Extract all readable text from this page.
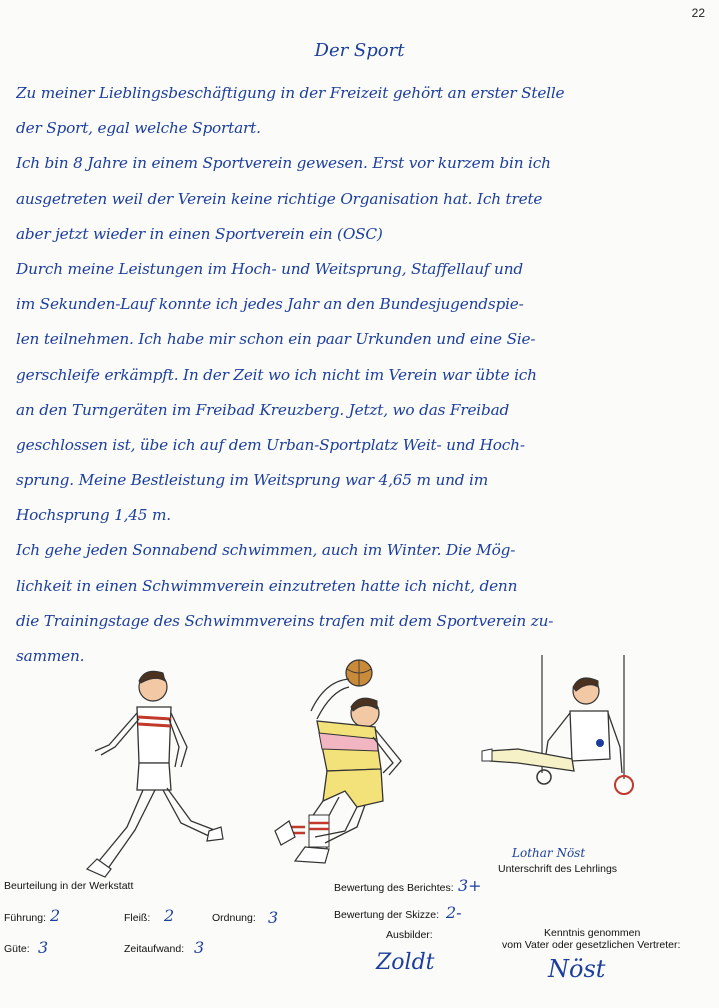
22
Der Sport
Zu meiner Lieblingsbeschäftigung in der Freizeit gehört an erster Stelle
der Sport, egal welche Sportart.
Ich bin 8 Jahre in einem Sportverein gewesen. Erst vor kurzem bin ich
ausgetreten weil der Verein keine richtige Organisation hat. Ich trete
aber jetzt wieder in einen Sportverein ein (OSC)
Durch meine Leistungen im Hoch- und Weitsprung, Staffellauf und
im Sekunden-Lauf konnte ich jedes Jahr an den Bundesjugendspie-
len teilnehmen. Ich habe mir schon ein paar Urkunden und eine Sie-
gerschleife erkämpft. In der Zeit wo ich nicht im Verein war übte ich
an den Turngeräten im Freibad Kreuzberg. Jetzt, wo das Freibad
geschlossen ist, übe ich auf dem Urban-Sportplatz Weit- und Hoch-
sprung. Meine Bestleistung im Weitsprung war 4,65 m und im
Hochsprung 1,45 m.
Ich gehe jeden Sonnabend schwimmen, auch im Winter. Die Mög-
lichkeit in einen Schwimmverein einzutreten hatte ich nicht, denn
die Trainingstage des Schwimmvereins trafen mit dem Sportverein zu-
sammen.
Lothar Nöst
Unterschrift des Lehrlings
Beurteilung in der Werkstatt
Führung: 2	Fleiß: 2	Ordnung: 3
Güte: 3	Zeitaufwand: 3
Bewertung des Berichtes: 3+
Bewertung der Skizze: 2-
Ausbilder:
Zoldt
Kenntnis genommen
vom Vater oder gesetzlichen Vertreter:
Nöst
